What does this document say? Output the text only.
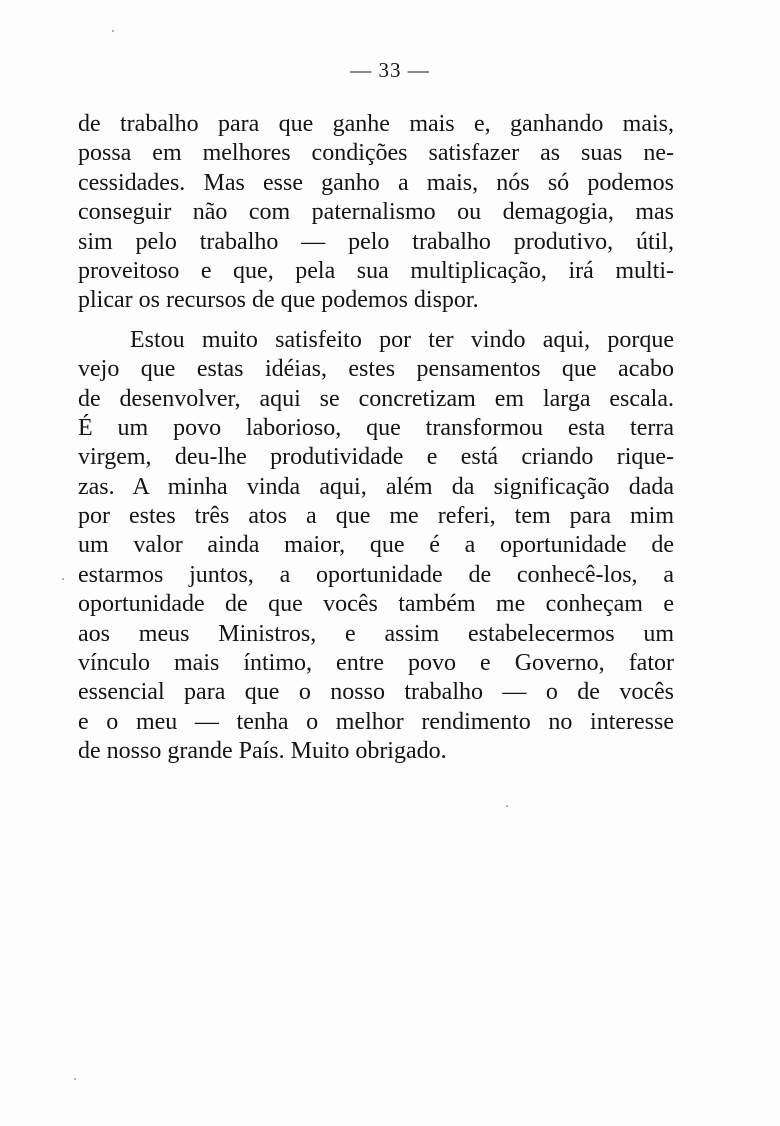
— 33 —
de trabalho para que ganhe mais e, ganhando mais,
possa em melhores condições satisfazer as suas ne-
cessidades. Mas esse ganho a mais, nós só podemos
conseguir não com paternalismo ou demagogia, mas
sim pelo trabalho — pelo trabalho produtivo, útil,
proveitoso e que, pela sua multiplicação, irá multi-
plicar os recursos de que podemos dispor.
Estou muito satisfeito por ter vindo aqui, porque
vejo que estas idéias, estes pensamentos que acabo
de desenvolver, aqui se concretizam em larga escala.
É um povo laborioso, que transformou esta terra
virgem, deu-lhe produtividade e está criando rique-
zas. A minha vinda aqui, além da significação dada
por estes três atos a que me referi, tem para mim
um valor ainda maior, que é a oportunidade de
estarmos juntos, a oportunidade de conhecê-los, a
oportunidade de que vocês também me conheçam e
aos meus Ministros, e assim estabelecermos um
vínculo mais íntimo, entre povo e Governo, fator
essencial para que o nosso trabalho — o de vocês
e o meu — tenha o melhor rendimento no interesse
de nosso grande País. Muito obrigado.
